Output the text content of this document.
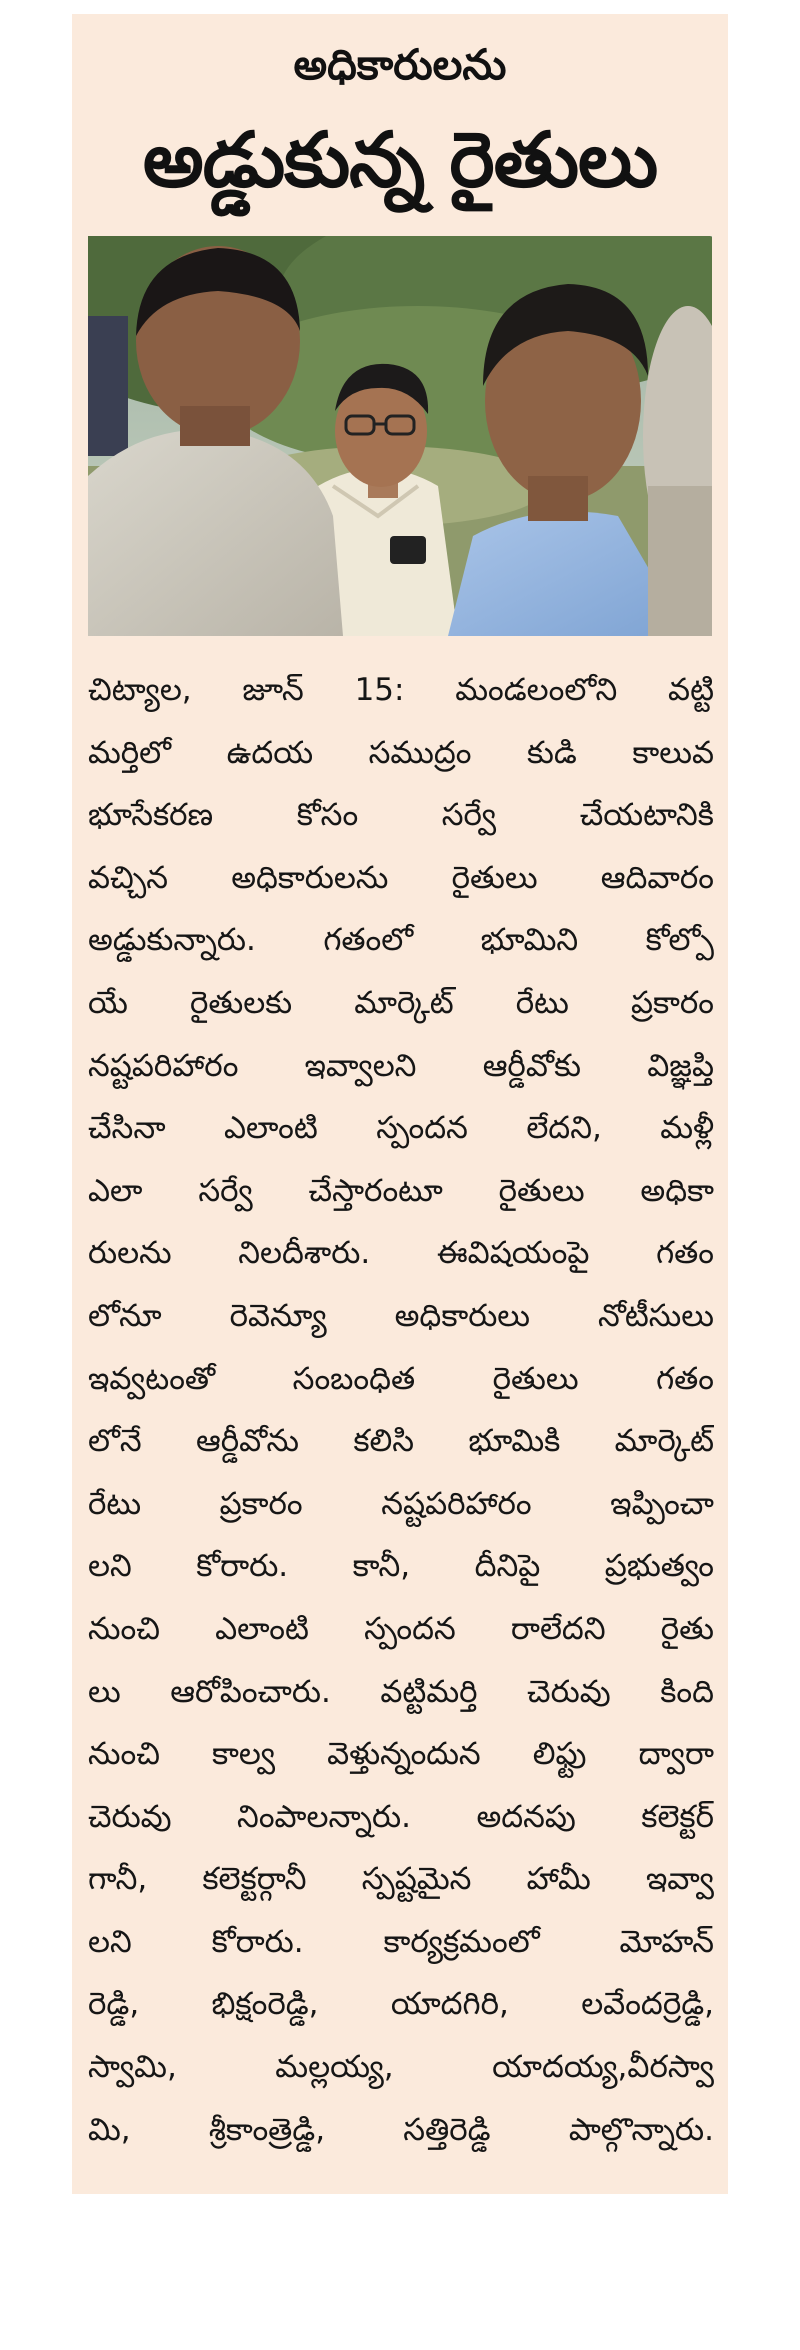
అధికారులను
అడ్డుకున్న రైతులు
చిట్యాల, జూన్ 15: మండలంలోని వట్టి
మర్తిలో ఉదయ సముద్రం కుడి కాలువ
భూసేకరణ కోసం సర్వే చేయటానికి
వచ్చిన అధికారులను రైతులు ఆదివారం
అడ్డుకున్నారు. గతంలో భూమిని కోల్పో
యే రైతులకు మార్కెట్ రేటు ప్రకారం
నష్టపరిహారం ఇవ్వాలని ఆర్డీవోకు విజ్ఞప్తి
చేసినా ఎలాంటి స్పందన లేదని, మళ్లీ
ఎలా సర్వే చేస్తారంటూ రైతులు అధికా
రులను నిలదీశారు. ఈవిషయంపై గతం
లోనూ రెవెన్యూ అధికారులు నోటీసులు
ఇవ్వటంతో సంబంధిత రైతులు గతం
లోనే ఆర్డీవోను కలిసి భూమికి మార్కెట్
రేటు ప్రకారం నష్టపరిహారం ఇప్పించా
లని కోరారు. కానీ, దీనిపై ప్రభుత్వం
నుంచి ఎలాంటి స్పందన రాలేదని రైతు
లు ఆరోపించారు. వట్టిమర్తి చెరువు కింది
నుంచి కాల్వ వెళ్తున్నందున లిఫ్టు ద్వారా
చెరువు నింపాలన్నారు. అదనపు కలెక్టర్
గానీ, కలెక్టర్గానీ స్పష్టమైన హామీ ఇవ్వా
లని కోరారు. కార్యక్రమంలో మోహన్
రెడ్డి, భిక్షంరెడ్డి, యాదగిరి, లవేందర్రెడ్డి,
స్వామి, మల్లయ్య, యాదయ్య,వీరస్వా
మి, శ్రీకాంత్రెడ్డి, సత్తిరెడ్డి పాల్గొన్నారు.
